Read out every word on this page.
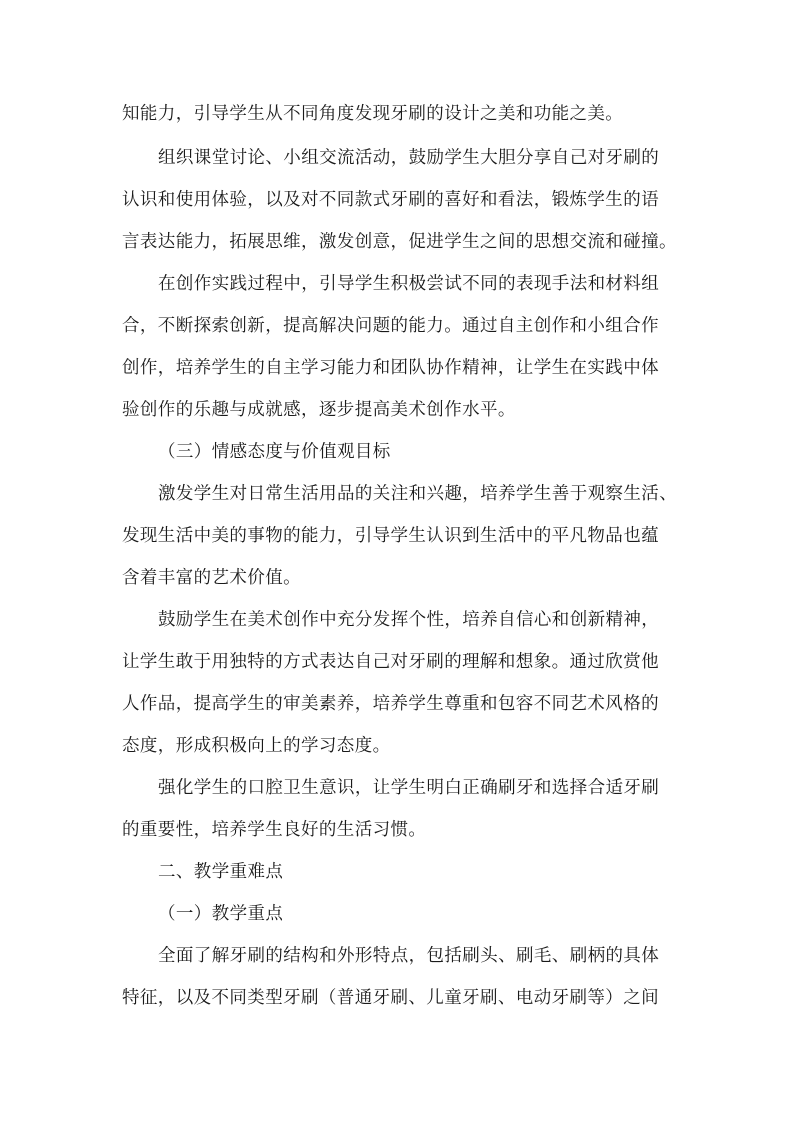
知能力，引导学生从不同角度发现牙刷的设计之美和功能之美。
组织课堂讨论、小组交流活动，鼓励学生大胆分享自己对牙刷的
认识和使用体验，以及对不同款式牙刷的喜好和看法，锻炼学生的语
言表达能力，拓展思维，激发创意，促进学生之间的思想交流和碰撞。
在创作实践过程中，引导学生积极尝试不同的表现手法和材料组
合，不断探索创新，提高解决问题的能力。通过自主创作和小组合作
创作，培养学生的自主学习能力和团队协作精神，让学生在实践中体
验创作的乐趣与成就感，逐步提高美术创作水平。
（三）情感态度与价值观目标
激发学生对日常生活用品的关注和兴趣，培养学生善于观察生活、
发现生活中美的事物的能力，引导学生认识到生活中的平凡物品也蕴
含着丰富的艺术价值。
鼓励学生在美术创作中充分发挥个性，培养自信心和创新精神，
让学生敢于用独特的方式表达自己对牙刷的理解和想象。通过欣赏他
人作品，提高学生的审美素养，培养学生尊重和包容不同艺术风格的
态度，形成积极向上的学习态度。
强化学生的口腔卫生意识，让学生明白正确刷牙和选择合适牙刷
的重要性，培养学生良好的生活习惯。
二、教学重难点
（一）教学重点
全面了解牙刷的结构和外形特点，包括刷头、刷毛、刷柄的具体
特征，以及不同类型牙刷（普通牙刷、儿童牙刷、电动牙刷等）之间
